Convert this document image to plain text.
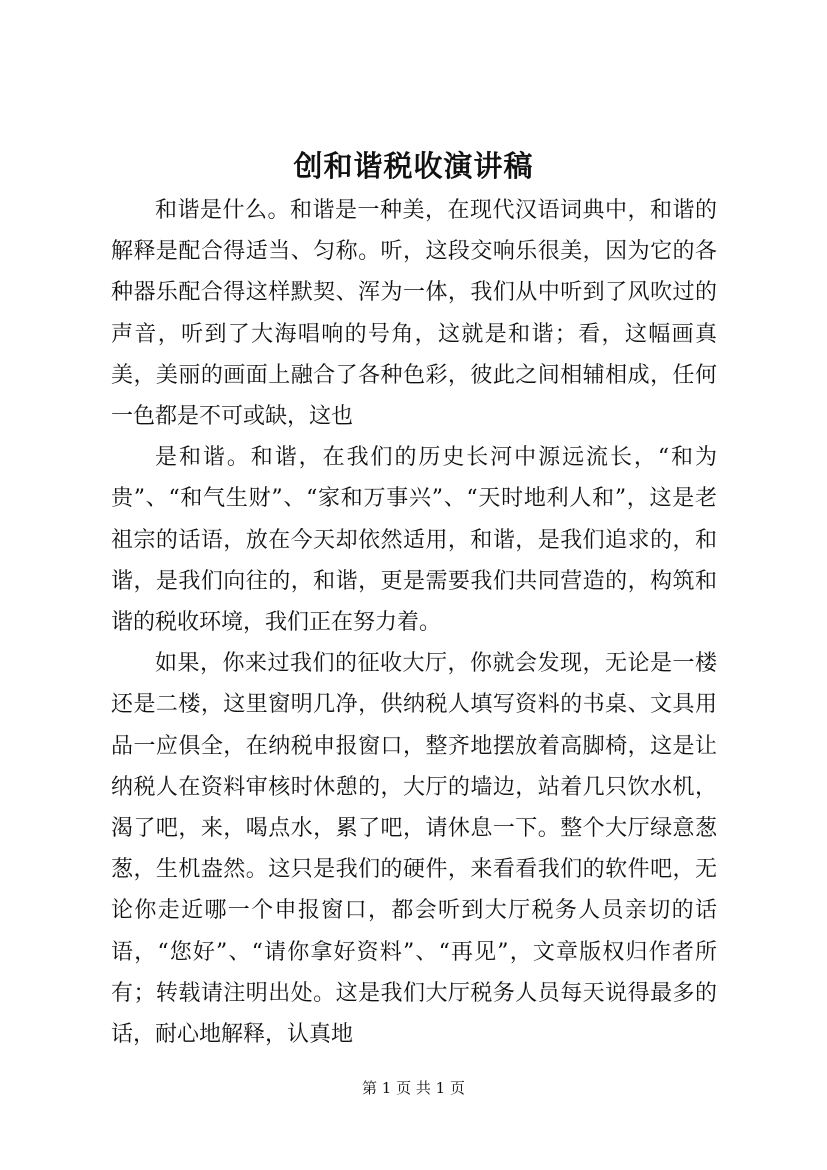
创和谐税收演讲稿

和谐是什么。和谐是一种美，在现代汉语词典中，和谐的解释是配合得适当、匀称。听，这段交响乐很美，因为它的各种器乐配合得这样默契、浑为一体，我们从中听到了风吹过的声音，听到了大海唱响的号角，这就是和谐；看，这幅画真美，美丽的画面上融合了各种色彩，彼此之间相辅相成，任何一色都是不可或缺，这也

是和谐。和谐，在我们的历史长河中源远流长，“和为贵”、“和气生财”、“家和万事兴”、“天时地利人和”，这是老祖宗的话语，放在今天却依然适用，和谐，是我们追求的，和谐，是我们向往的，和谐，更是需要我们共同营造的，构筑和谐的税收环境，我们正在努力着。

如果，你来过我们的征收大厅，你就会发现，无论是一楼还是二楼，这里窗明几净，供纳税人填写资料的书桌、文具用品一应俱全，在纳税申报窗口，整齐地摆放着高脚椅，这是让纳税人在资料审核时休憩的，大厅的墙边，站着几只饮水机，渴了吧，来，喝点水，累了吧，请休息一下。整个大厅绿意葱葱，生机盎然。这只是我们的硬件，来看看我们的软件吧，无论你走近哪一个申报窗口，都会听到大厅税务人员亲切的话语，“您好”、“请你拿好资料”、“再见”，文章版权归作者所有；转载请注明出处。这是我们大厅税务人员每天说得最多的话，耐心地解释，认真地

第 1 页 共 1 页
